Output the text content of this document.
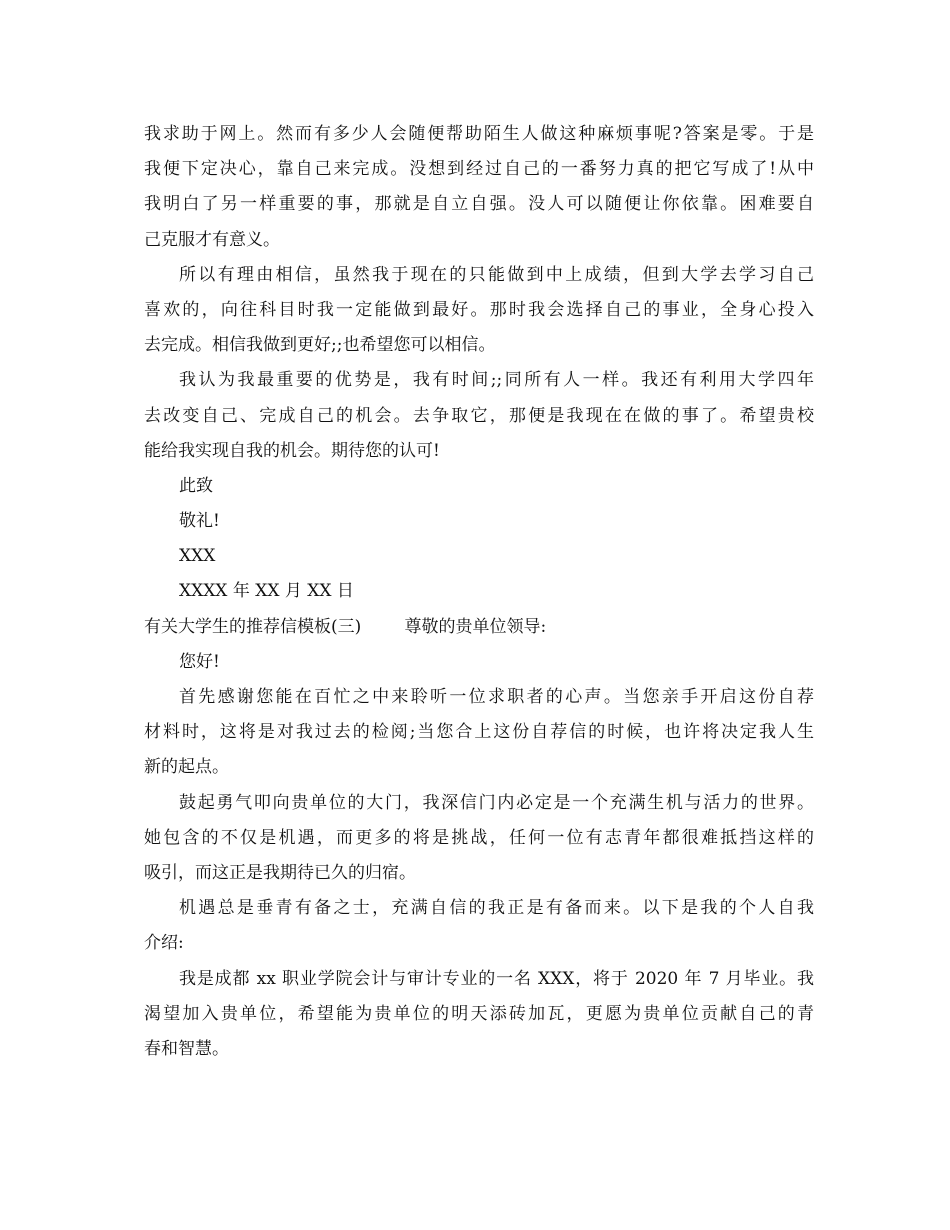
我求助于网上。然而有多少人会随便帮助陌生人做这种麻烦事呢?答案是零。于是
我便下定决心，靠自己来完成。没想到经过自己的一番努力真的把它写成了!从中
我明白了另一样重要的事，那就是自立自强。没人可以随便让你依靠。困难要自
己克服才有意义。
所以有理由相信，虽然我于现在的只能做到中上成绩，但到大学去学习自己
喜欢的，向往科目时我一定能做到最好。那时我会选择自己的事业，全身心投入
去完成。相信我做到更好;;也希望您可以相信。
我认为我最重要的优势是，我有时间;;同所有人一样。我还有利用大学四年
去改变自己、完成自己的机会。去争取它，那便是我现在在做的事了。希望贵校
能给我实现自我的机会。期待您的认可!
此致
敬礼!
XXX
XXXX 年 XX 月 XX 日
有关大学生的推荐信模板(三)        尊敬的贵单位领导:
您好!
首先感谢您能在百忙之中来聆听一位求职者的心声。当您亲手开启这份自荐
材料时，这将是对我过去的检阅;当您合上这份自荐信的时候，也许将决定我人生
新的起点。
鼓起勇气叩向贵单位的大门，我深信门内必定是一个充满生机与活力的世界。
她包含的不仅是机遇，而更多的将是挑战，任何一位有志青年都很难抵挡这样的
吸引，而这正是我期待已久的归宿。
机遇总是垂青有备之士，充满自信的我正是有备而来。以下是我的个人自我
介绍:
我是成都 xx 职业学院会计与审计专业的一名 XXX，将于 2020 年 7 月毕业。我
渴望加入贵单位，希望能为贵单位的明天添砖加瓦，更愿为贵单位贡献自己的青
春和智慧。
